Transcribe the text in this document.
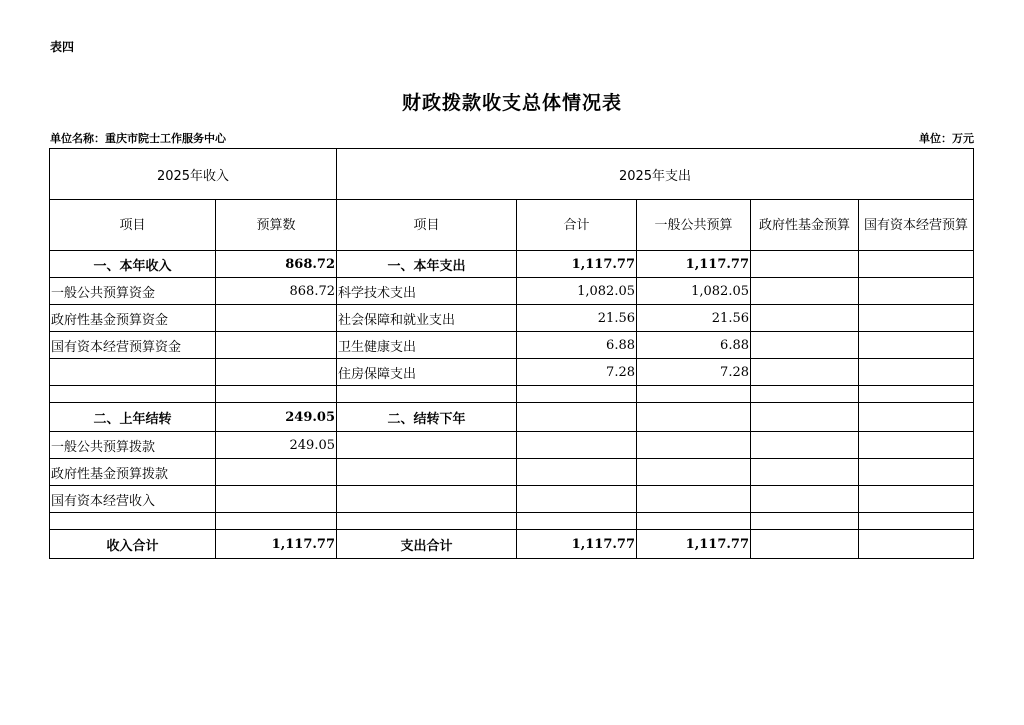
表四
财政拨款收支总体情况表
单位名称：重庆市院士工作服务中心	单位：万元
2025年收入		2025年支出				
项目	预算数	项目	合计	一般公共预算	政府性基金预算	国有资本经营预算
一、本年收入	868.72	一、本年支出	1,117.77	1,117.77		
一般公共预算资金	868.72	科学技术支出	1,082.05	1,082.05		
政府性基金预算资金		社会保障和就业支出	21.56	21.56		
国有资本经营预算资金		卫生健康支出	6.88	6.88		
		住房保障支出	7.28	7.28		

二、上年结转	249.05	二、结转下年				
一般公共预算拨款	249.05					
政府性基金预算拨款						
国有资本经营收入						

收入合计	1,117.77	支出合计	1,117.77	1,117.77		
